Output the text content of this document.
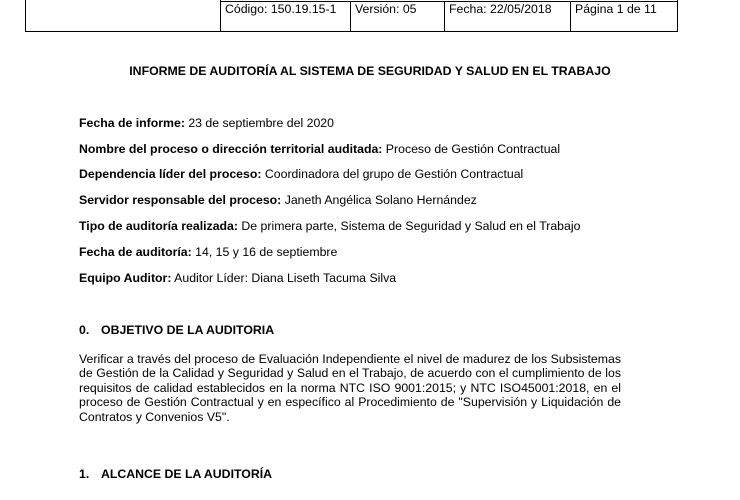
	Código: 150.19.15-1	Versión: 05	Fecha: 22/05/2018	Página 1 de 11
INFORME DE AUDITORÍA AL SISTEMA DE SEGURIDAD Y SALUD EN EL TRABAJO
Fecha de informe: 23 de septiembre del 2020
Nombre del proceso o dirección territorial auditada: Proceso de Gestión Contractual
Dependencia líder del proceso: Coordinadora del grupo de Gestión Contractual
Servidor responsable del proceso: Janeth Angélica Solano Hernández
Tipo de auditoría realizada: De primera parte, Sistema de Seguridad y Salud en el Trabajo
Fecha de auditoría: 14, 15 y 16 de septiembre
Equipo Auditor: Auditor Líder: Diana Liseth Tacuma Silva
0. OBJETIVO DE LA AUDITORIA
Verificar a través del proceso de Evaluación Independiente el nivel de madurez de los Subsistemas de Gestión de la Calidad y Seguridad y Salud en el Trabajo, de acuerdo con el cumplimiento de los requisitos de calidad establecidos en la norma NTC ISO 9001:2015; y NTC ISO45001:2018, en el proceso de Gestión Contractual y en específico al Procedimiento de "Supervisión y Liquidación de Contratos y Convenios V5".
1. ALCANCE DE LA AUDITORÍA
